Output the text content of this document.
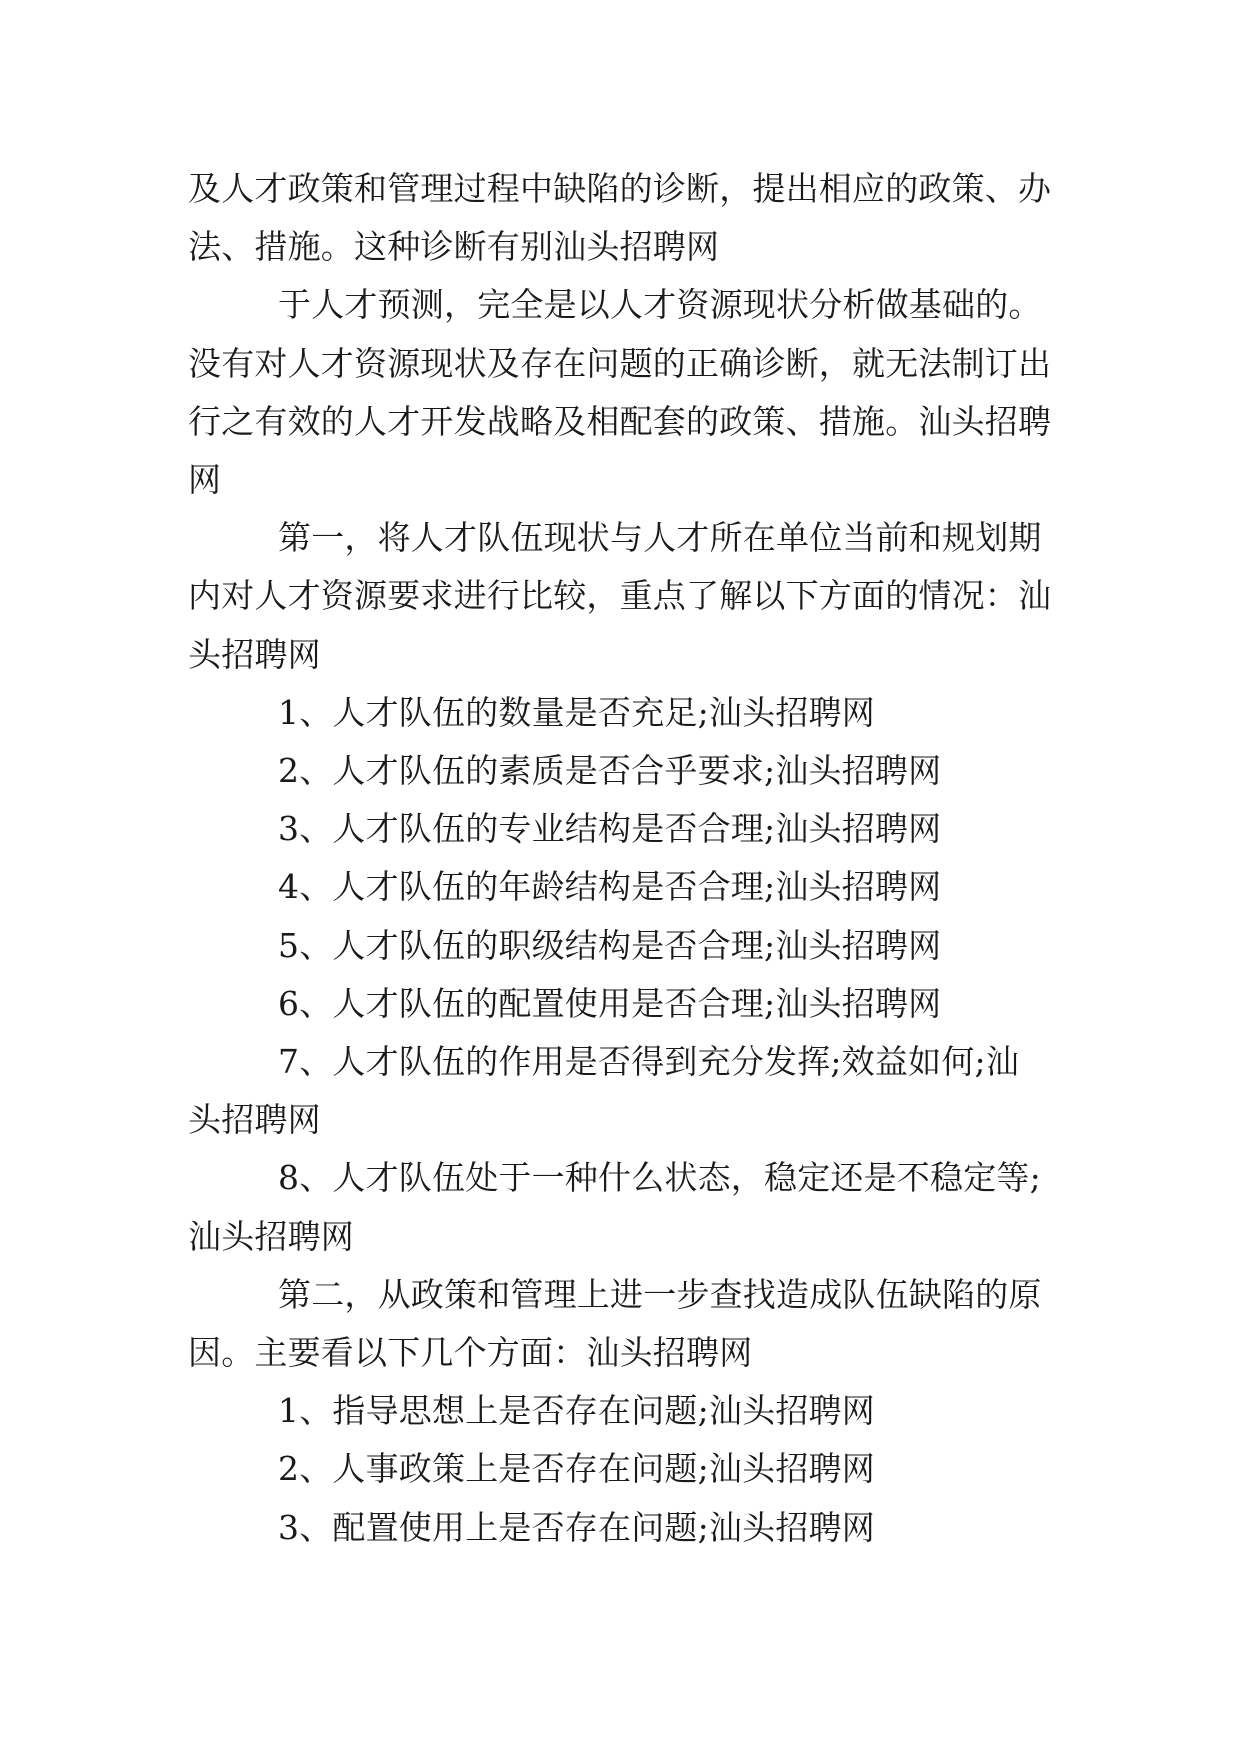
及人才政策和管理过程中缺陷的诊断，提出相应的政策、办
法、措施。这种诊断有别汕头招聘网
于人才预测，完全是以人才资源现状分析做基础的。
没有对人才资源现状及存在问题的正确诊断，就无法制订出
行之有效的人才开发战略及相配套的政策、措施。汕头招聘
网
第一，将人才队伍现状与人才所在单位当前和规划期
内对人才资源要求进行比较，重点了解以下方面的情况：汕
头招聘网
1、人才队伍的数量是否充足;汕头招聘网
2、人才队伍的素质是否合乎要求;汕头招聘网
3、人才队伍的专业结构是否合理;汕头招聘网
4、人才队伍的年龄结构是否合理;汕头招聘网
5、人才队伍的职级结构是否合理;汕头招聘网
6、人才队伍的配置使用是否合理;汕头招聘网
7、人才队伍的作用是否得到充分发挥;效益如何;汕
头招聘网
8、人才队伍处于一种什么状态，稳定还是不稳定等;
汕头招聘网
第二，从政策和管理上进一步查找造成队伍缺陷的原
因。主要看以下几个方面：汕头招聘网
1、指导思想上是否存在问题;汕头招聘网
2、人事政策上是否存在问题;汕头招聘网
3、配置使用上是否存在问题;汕头招聘网
